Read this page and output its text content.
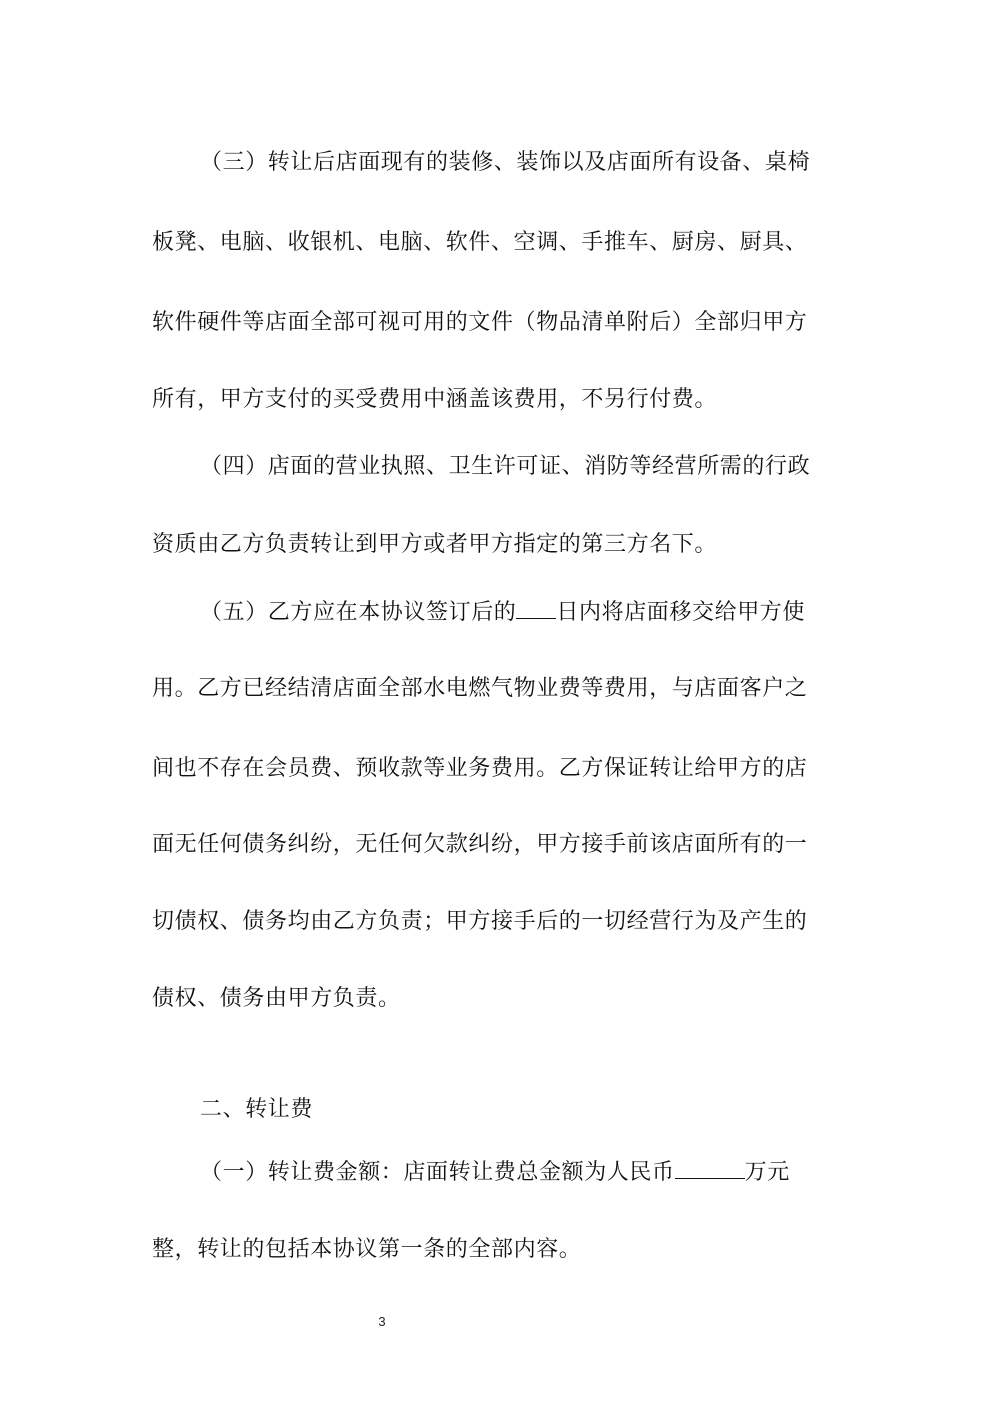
（三）转让后店面现有的装修、装饰以及店面所有设备、桌椅
板凳、电脑、收银机、电脑、软件、空调、手推车、厨房、厨具、
软件硬件等店面全部可视可用的文件（物品清单附后）全部归甲方
所有，甲方支付的买受费用中涵盖该费用，不另行付费。
（四）店面的营业执照、卫生许可证、消防等经营所需的行政
资质由乙方负责转让到甲方或者甲方指定的第三方名下。
（五）乙方应在本协议签订后的 日内将店面移交给甲方使
用。乙方已经结清店面全部水电燃气物业费等费用，与店面客户之
间也不存在会员费、预收款等业务费用。乙方保证转让给甲方的店
面无任何债务纠纷，无任何欠款纠纷，甲方接手前该店面所有的一
切债权、债务均由乙方负责；甲方接手后的一切经营行为及产生的
债权、债务由甲方负责。
二、转让费
（一）转让费金额：店面转让费总金额为人民币	万元
整，转让的包括本协议第一条的全部内容。
3
